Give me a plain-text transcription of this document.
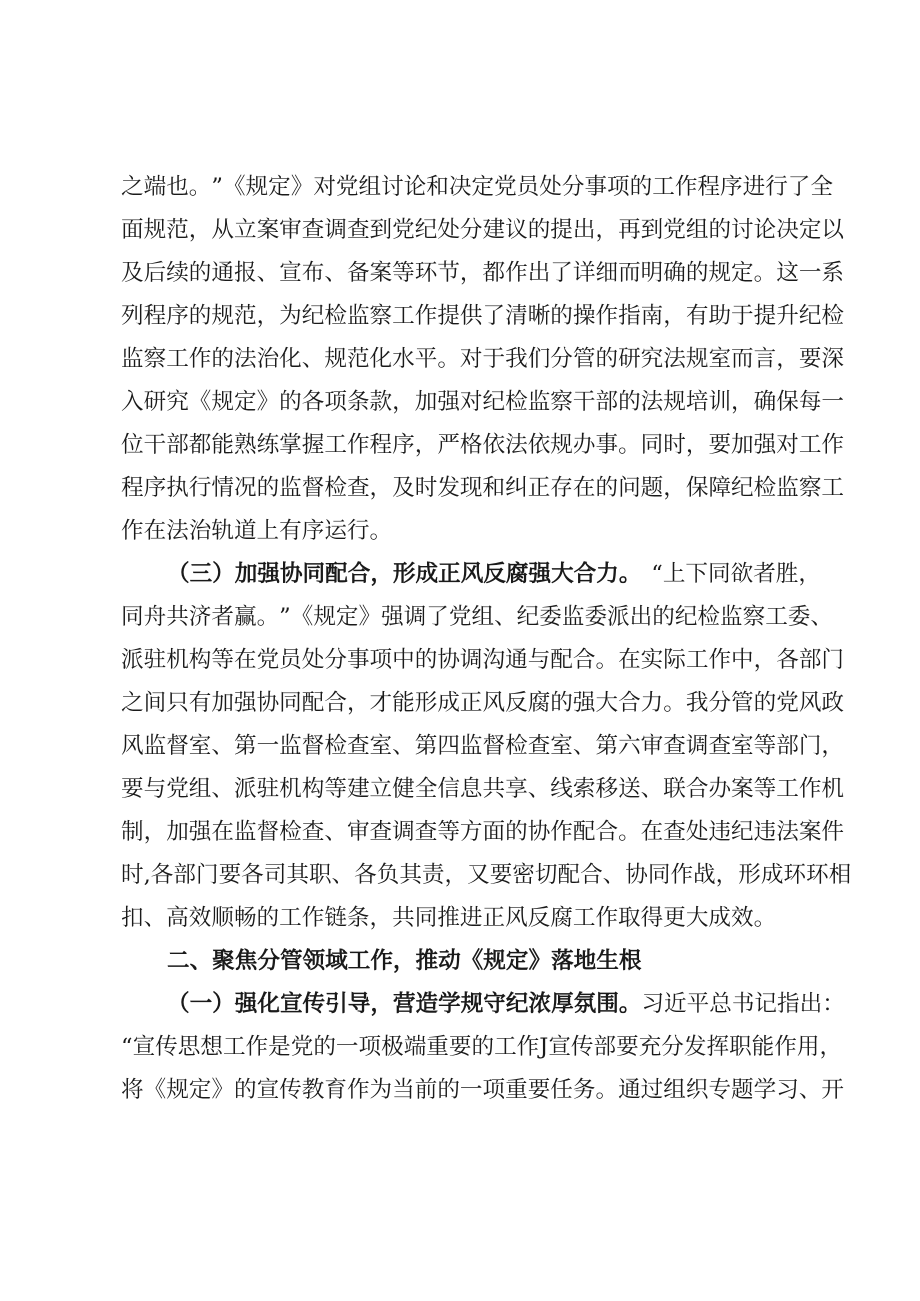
之 端 也 。 ” 《 规 定 》 对 党 组 讨 论 和 决 定 党 员 处 分 事 项 的 工 作 程 序 进 行 了 全
面 规 范 ， 从 立 案 审 查 调 查 到 党 纪 处 分 建 议 的 提 出 ， 再 到 党 组 的 讨 论 决 定 以
及 后 续 的 通 报 、 宣 布 、 备 案 等 环 节 ， 都 作 出 了 详 细 而 明 确 的 规 定 。 这 一 系
列 程 序 的 规 范 ， 为 纪 检 监 察 工 作 提 供 了 清 晰 的 操 作 指 南 ， 有 助 于 提 升 纪 检
监 察 工 作 的 法 治 化 、 规 范 化 水 平 。 对 于 我 们 分 管 的 研 究 法 规 室 而 言 ， 要 深
入 研 究 《 规 定 》 的 各 项 条 款 ， 加 强 对 纪 检 监 察 干 部 的 法 规 培 训 ， 确 保 每 一
位 干 部 都 能 熟 练 掌 握 工 作 程 序 ， 严 格 依 法 依 规 办 事 。 同 时 ， 要 加 强 对 工 作
程 序 执 行 情 况 的 监 督 检 查 ， 及 时 发 现 和 纠 正 存 在 的 问 题 ， 保 障 纪 检 监 察 工
作在法治轨道上有序运行。
（三）加强协同配合，形成正风反腐强大合力。 “上下同欲者胜，
同 舟 共 济 者 赢 。 ” 《 规 定 》 强 调 了 党 组 、 纪 委 监 委 派 出 的 纪 检 监 察 工 委 、
派 驻 机 构 等 在 党 员 处 分 事 项 中 的 协 调 沟 通 与 配 合 。 在 实 际 工 作 中 ， 各 部 门
之 间 只 有 加 强 协 同 配 合 ， 才 能 形 成 正 风 反 腐 的 强 大 合 力 。 我 分 管 的 党 风 政
风 监 督 室 、 第 一 监 督 检 查 室 、 第 四 监 督 检 查 室 、 第 六 审 查 调 查 室 等 部 门 ，
要 与 党 组 、 派 驻 机 构 等 建 立 健 全 信 息 共 享 、 线 索 移 送 、 联 合 办 案 等 工 作 机
制 ， 加 强 在 监 督 检 查 、 审 查 调 查 等 方 面 的 协 作 配 合 。 在 查 处 违 纪 违 法 案 件
时 , 各 部 门 要 各 司 其 职 、 各 负 其 责 ， 又 要 密 切 配 合 、 协 同 作 战 ， 形 成 环 环 相
扣、高效顺畅的工作链条，共同推进正风反腐工作取得更大成效。
二、聚焦分管领域工作，推动《规定》落地生根
（一）强化宣传引导，营造学规守纪浓厚氛围。 习近平总书记指出：
“ 宣 传 思 想 工 作 是 党 的 一 项 极 端 重 要 的 工 作 J 宣 传 部 要 充 分 发 挥 职 能 作 用 ，
将 《 规 定 》 的 宣 传 教 育 作 为 当 前 的 一 项 重 要 任 务 。 通 过 组 织 专 题 学 习 、 开
